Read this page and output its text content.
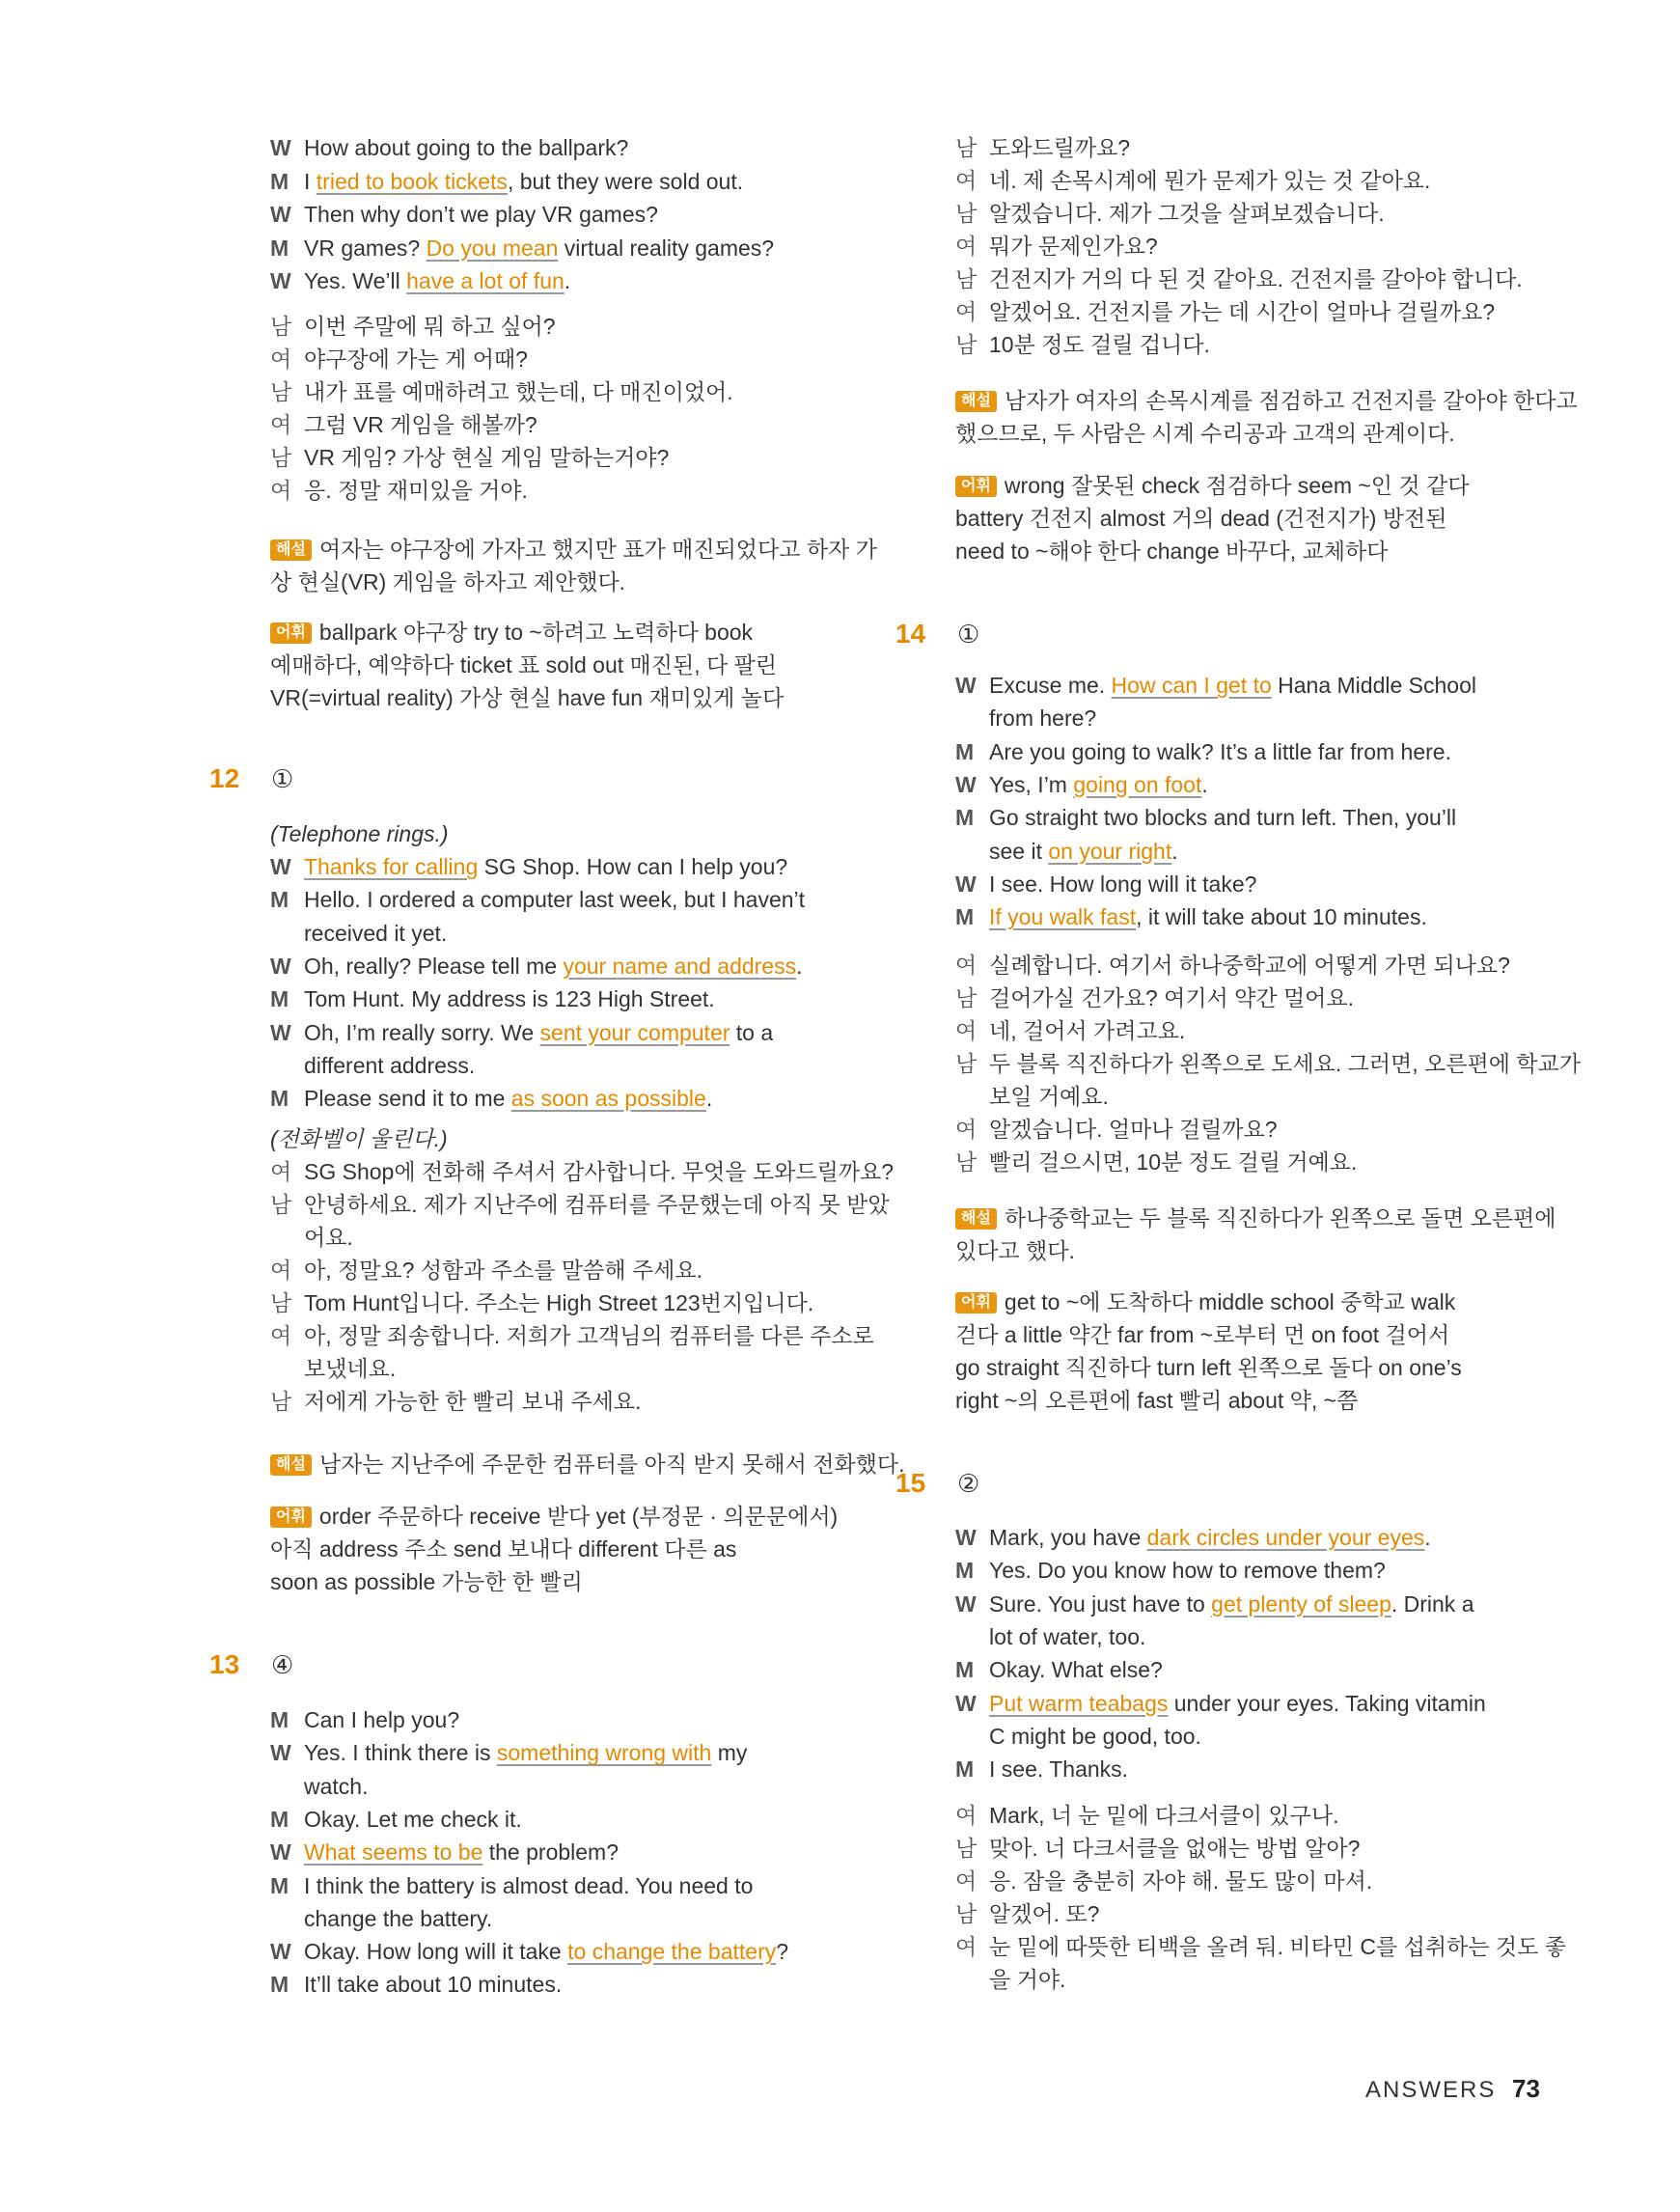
W How about going to the ballpark?
M I tried to book tickets, but they were sold out.
W Then why don’t we play VR games?
M VR games? Do you mean virtual reality games?
W Yes. We’ll have a lot of fun.
남 이번 주말에 뭐 하고 싶어?
여 야구장에 가는 게 어때?
남 내가 표를 예매하려고 했는데, 다 매진이었어.
여 그럼 VR 게임을 해볼까?
남 VR 게임? 가상 현실 게임 말하는거야?
여 응. 정말 재미있을 거야.
해설 여자는 야구장에 가자고 했지만 표가 매진되었다고 하자 가
상 현실(VR) 게임을 하자고 제안했다.
어휘 ballpark 야구장 try to ~하려고 노력하다 book
예매하다, 예약하다 ticket 표 sold out 매진된, 다 팔린
VR(=virtual reality) 가상 현실 have fun 재미있게 놀다
12 ①
(Telephone rings.)
W Thanks for calling SG Shop. How can I help you?
M Hello. I ordered a computer last week, but I haven’t
received it yet.
W Oh, really? Please tell me your name and address.
M Tom Hunt. My address is 123 High Street.
W Oh, I’m really sorry. We sent your computer to a
different address.
M Please send it to me as soon as possible.
(전화벨이 울린다.)
여 SG Shop에 전화해 주셔서 감사합니다. 무엇을 도와드릴까요?
남 안녕하세요. 제가 지난주에 컴퓨터를 주문했는데 아직 못 받았
어요.
여 아, 정말요? 성함과 주소를 말씀해 주세요.
남 Tom Hunt입니다. 주소는 High Street 123번지입니다.
여 아, 정말 죄송합니다. 저희가 고객님의 컴퓨터를 다른 주소로
보냈네요.
남 저에게 가능한 한 빨리 보내 주세요.
해설 남자는 지난주에 주문한 컴퓨터를 아직 받지 못해서 전화했다.
어휘 order 주문하다 receive 받다 yet (부정문 · 의문문에서)
아직 address 주소 send 보내다 different 다른 as
soon as possible 가능한 한 빨리
13 ④
M Can I help you?
W Yes. I think there is something wrong with my
watch.
M Okay. Let me check it.
W What seems to be the problem?
M I think the battery is almost dead. You need to
change the battery.
W Okay. How long will it take to change the battery?
M It’ll take about 10 minutes.
남 도와드릴까요?
여 네. 제 손목시계에 뭔가 문제가 있는 것 같아요.
남 알겠습니다. 제가 그것을 살펴보겠습니다.
여 뭐가 문제인가요?
남 건전지가 거의 다 된 것 같아요. 건전지를 갈아야 합니다.
여 알겠어요. 건전지를 가는 데 시간이 얼마나 걸릴까요?
남 10분 정도 걸릴 겁니다.
해설 남자가 여자의 손목시계를 점검하고 건전지를 갈아야 한다고
했으므로, 두 사람은 시계 수리공과 고객의 관계이다.
어휘 wrong 잘못된 check 점검하다 seem ~인 것 같다
battery 건전지 almost 거의 dead (건전지가) 방전된
need to ~해야 한다 change 바꾸다, 교체하다
14 ①
W Excuse me. How can I get to Hana Middle School
from here?
M Are you going to walk? It’s a little far from here.
W Yes, I’m going on foot.
M Go straight two blocks and turn left. Then, you’ll
see it on your right.
W I see. How long will it take?
M If you walk fast, it will take about 10 minutes.
여 실례합니다. 여기서 하나중학교에 어떻게 가면 되나요?
남 걸어가실 건가요? 여기서 약간 멀어요.
여 네, 걸어서 가려고요.
남 두 블록 직진하다가 왼쪽으로 도세요. 그러면, 오른편에 학교가
보일 거예요.
여 알겠습니다. 얼마나 걸릴까요?
남 빨리 걸으시면, 10분 정도 걸릴 거예요.
해설 하나중학교는 두 블록 직진하다가 왼쪽으로 돌면 오른편에
있다고 했다.
어휘 get to ~에 도착하다 middle school 중학교 walk
걷다 a little 약간 far from ~로부터 먼 on foot 걸어서
go straight 직진하다 turn left 왼쪽으로 돌다 on one’s
right ~의 오른편에 fast 빨리 about 약, ~쯤
15 ②
W Mark, you have dark circles under your eyes.
M Yes. Do you know how to remove them?
W Sure. You just have to get plenty of sleep. Drink a
lot of water, too.
M Okay. What else?
W Put warm teabags under your eyes. Taking vitamin
C might be good, too.
M I see. Thanks.
여 Mark, 너 눈 밑에 다크서클이 있구나.
남 맞아. 너 다크서클을 없애는 방법 알아?
여 응. 잠을 충분히 자야 해. 물도 많이 마셔.
남 알겠어. 또?
여 눈 밑에 따뜻한 티백을 올려 둬. 비타민 C를 섭취하는 것도 좋
을 거야.
ANSWERS 73
